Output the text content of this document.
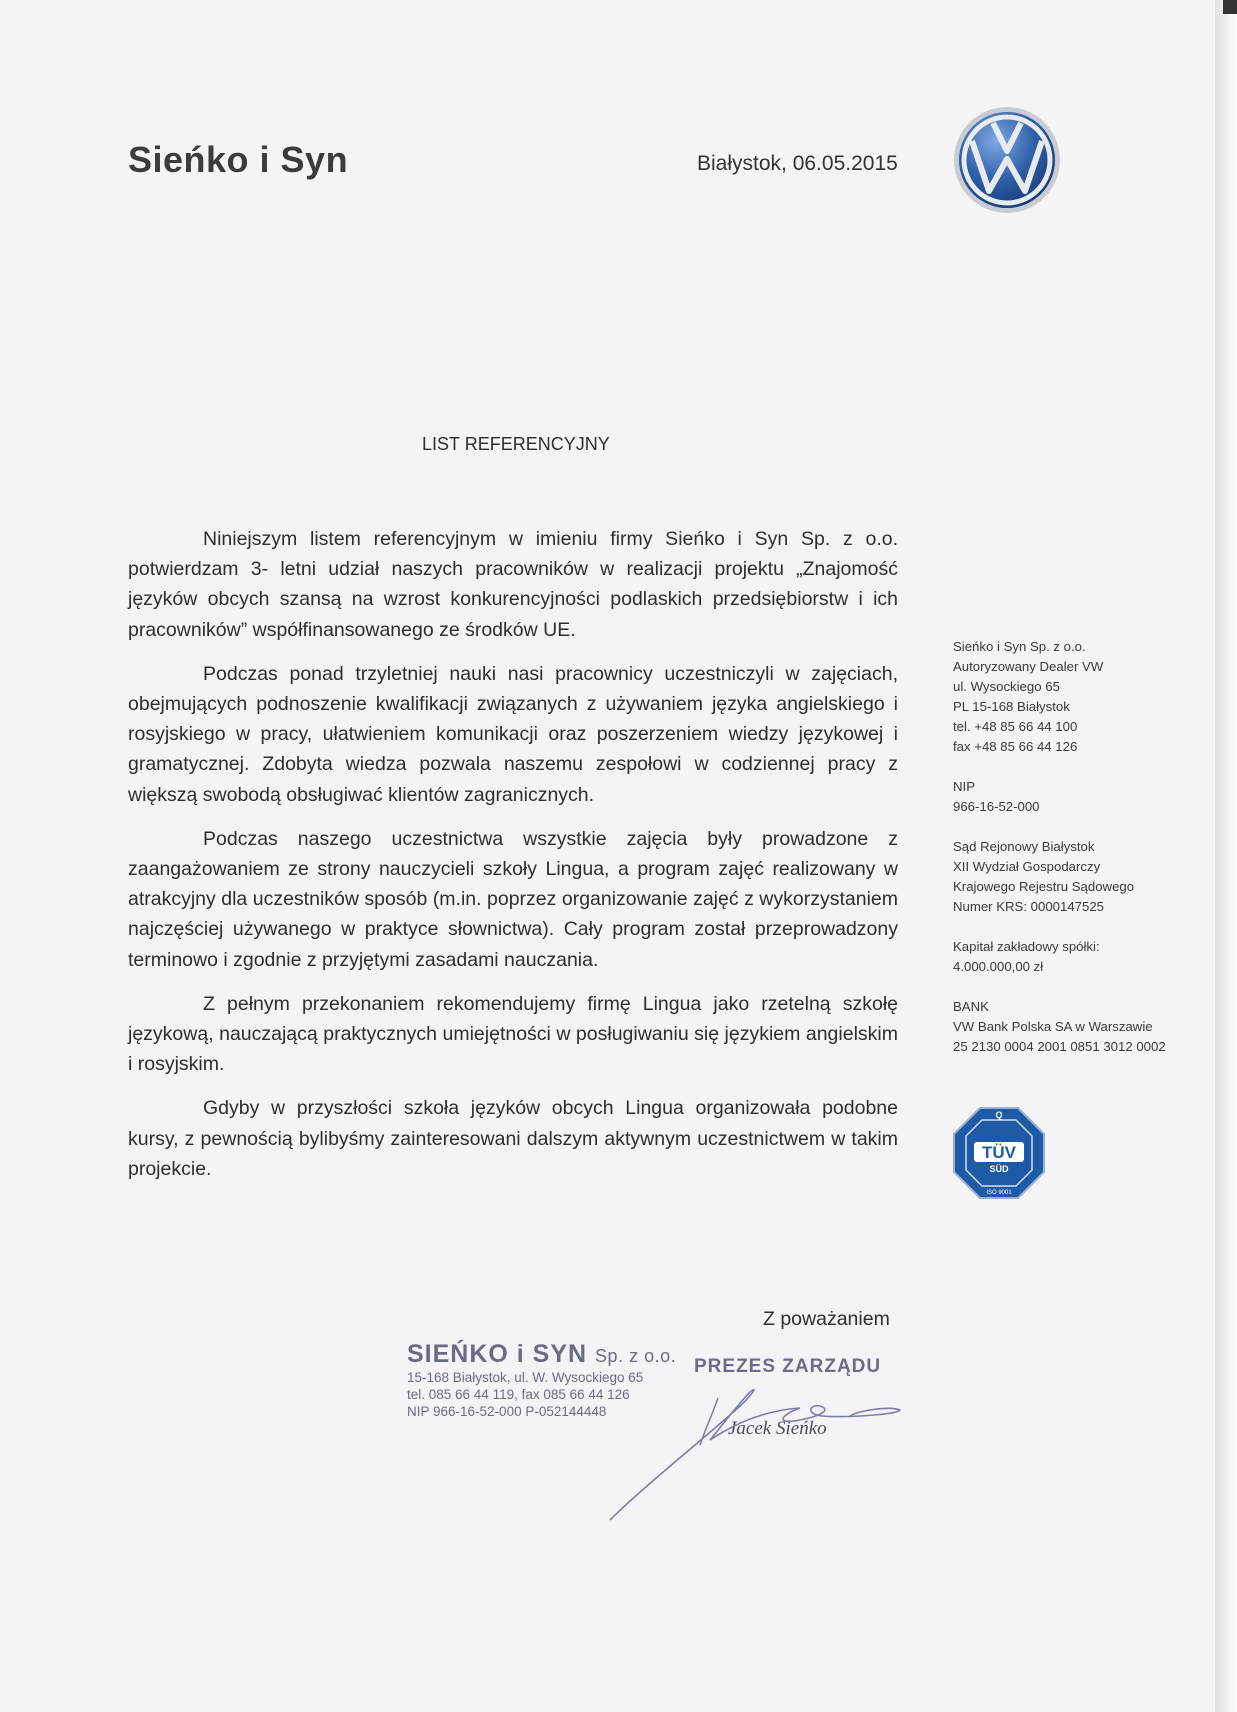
Sieńko i Syn	Białystok, 06.05.2015
LIST REFERENCYJNY

Niniejszym listem referencyjnym w imieniu firmy Sieńko i Syn Sp. z o.o. potwierdzam 3- letni udział naszych pracowników w realizacji projektu „Znajomość języków obcych szansą na wzrost konkurencyjności podlaskich przedsiębiorstw i ich pracowników” współfinansowanego ze środków UE.

Podczas ponad trzyletniej nauki nasi pracownicy uczestniczyli w zajęciach, obejmujących podnoszenie kwalifikacji związanych z używaniem języka angielskiego i rosyjskiego w pracy, ułatwieniem komunikacji oraz poszerzeniem wiedzy językowej i gramatycznej. Zdobyta wiedza pozwala naszemu zespołowi w codziennej pracy z większą swobodą obsługiwać klientów zagranicznych.

Podczas naszego uczestnictwa wszystkie zajęcia były prowadzone z zaangażowaniem ze strony nauczycieli szkoły Lingua, a program zajęć realizowany w atrakcyjny dla uczestników sposób (m.in. poprzez organizowanie zajęć z wykorzystaniem najczęściej używanego w praktyce słownictwa). Cały program został przeprowadzony terminowo i zgodnie z przyjętymi zasadami nauczania.

Z pełnym przekonaniem rekomendujemy firmę Lingua jako rzetelną szkołę językową, nauczającą praktycznych umiejętności w posługiwaniu się językiem angielskim i rosyjskim.

Gdyby w przyszłości szkoła języków obcych Lingua organizowała podobne kursy, z pewnością bylibyśmy zainteresowani dalszym aktywnym uczestnictwem w takim projekcie.

Sieńko i Syn Sp. z o.o.
Autoryzowany Dealer VW
ul. Wysockiego 65
PL 15-168 Białystok
tel. +48 85 66 44 100
fax +48 85 66 44 126
NIP
966-16-52-000
Sąd Rejonowy Białystok
XII Wydział Gospodarczy
Krajowego Rejestru Sądowego
Numer KRS: 0000147525
Kapitał zakładowy spółki:
4.000.000,00 zł
BANK
VW Bank Polska SA w Warszawie
25 2130 0004 2001 0851 3012 0002
Q
TÜV
SÜD
ISO 9001
Z poważaniem
SIEŃKO i SYN Sp. z o.o.
15-168 Białystok, ul. W. Wysockiego 65
tel. 085 66 44 119, fax 085 66 44 126
NIP 966-16-52-000 P-052144448
PREZES ZARZĄDU
Jacek Sieńko
